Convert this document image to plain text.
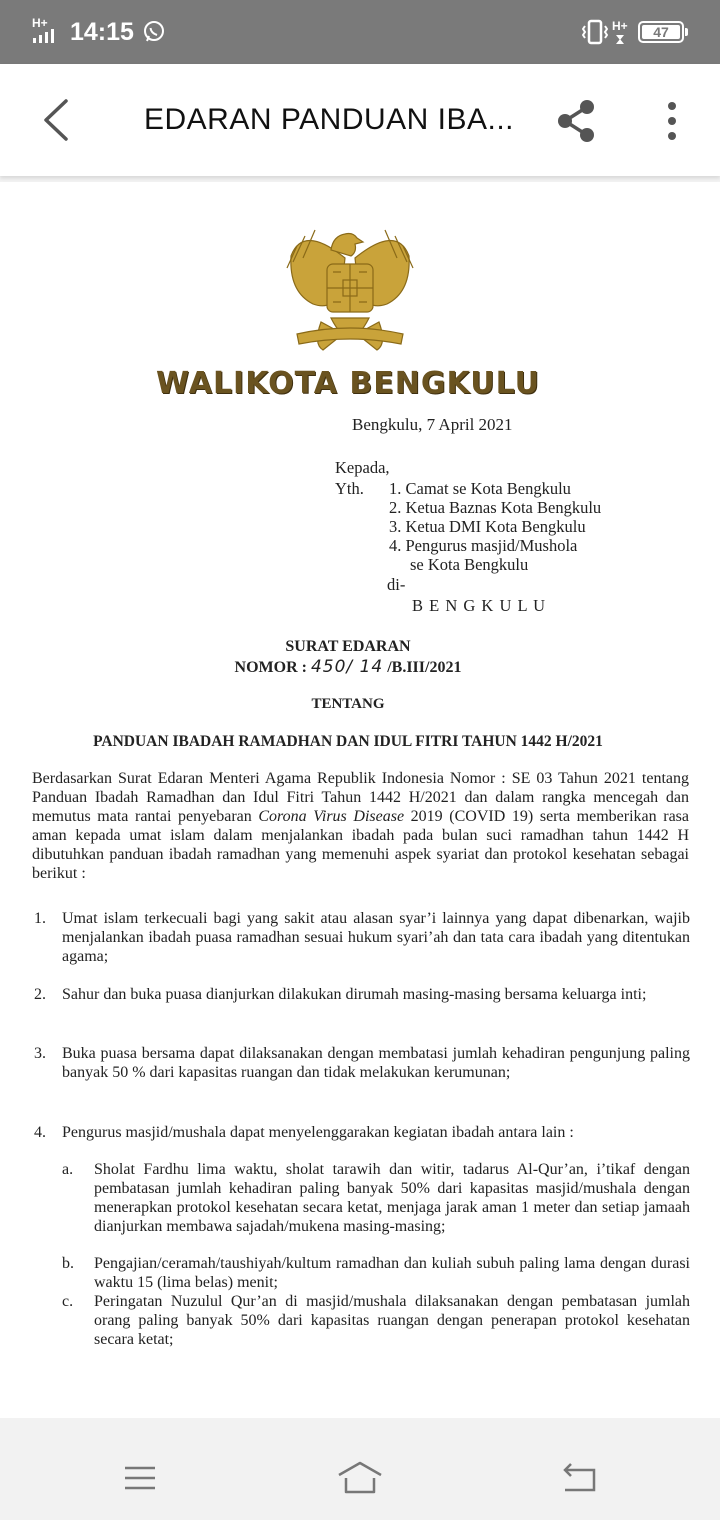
H+ 14:15	H+	47
EDARAN PANDUAN IBA...
WALIKOTA BENGKULU
Bengkulu, 7 April 2021
Kepada,
Yth. 1. Camat se Kota Bengkulu
2. Ketua Baznas Kota Bengkulu
3. Ketua DMI Kota Bengkulu
4. Pengurus masjid/Mushola
se Kota Bengkulu
di-
B E N G K U L U
SURAT EDARAN
NOMOR : 450/ 14 /B.III/2021
TENTANG
PANDUAN IBADAH RAMADHAN DAN IDUL FITRI TAHUN 1442 H/2021
Berdasarkan Surat Edaran Menteri Agama Republik Indonesia Nomor : SE 03 Tahun 2021 tentang Panduan Ibadah Ramadhan dan Idul Fitri Tahun 1442 H/2021 dan dalam rangka mencegah dan memutus mata rantai penyebaran Corona Virus Disease 2019 (COVID 19) serta memberikan rasa aman kepada umat islam dalam menjalankan ibadah pada bulan suci ramadhan tahun 1442 H dibutuhkan panduan ibadah ramadhan yang memenuhi aspek syariat dan protokol kesehatan sebagai berikut :
1. Umat islam terkecuali bagi yang sakit atau alasan syar’i lainnya yang dapat dibenarkan, wajib menjalankan ibadah puasa ramadhan sesuai hukum syari’ah dan tata cara ibadah yang ditentukan agama;
2. Sahur dan buka puasa dianjurkan dilakukan dirumah masing-masing bersama keluarga inti;
3. Buka puasa bersama dapat dilaksanakan dengan membatasi jumlah kehadiran pengunjung paling banyak 50 % dari kapasitas ruangan dan tidak melakukan kerumunan;
4. Pengurus masjid/mushala dapat menyelenggarakan kegiatan ibadah antara lain :
a. Sholat Fardhu lima waktu, sholat tarawih dan witir, tadarus Al-Qur’an, i’tikaf dengan pembatasan jumlah kehadiran paling banyak 50% dari kapasitas masjid/mushala dengan menerapkan protokol kesehatan secara ketat, menjaga jarak aman 1 meter dan setiap jamaah dianjurkan membawa sajadah/mukena masing-masing;
b. Pengajian/ceramah/taushiyah/kultum ramadhan dan kuliah subuh paling lama dengan durasi waktu 15 (lima belas) menit;
c. Peringatan Nuzulul Qur’an di masjid/mushala dilaksanakan dengan pembatasan jumlah orang paling banyak 50% dari kapasitas ruangan dengan penerapan protokol kesehatan secara ketat;
